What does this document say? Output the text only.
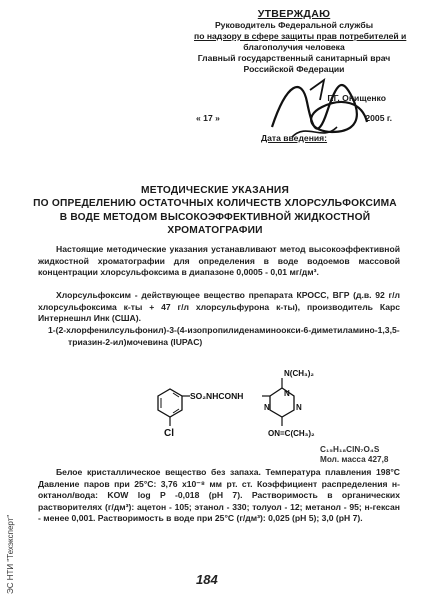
УТВЕРЖДАЮ
Руководитель Федеральной службы
по надзору в сфере защиты прав потребителей и
благополучия человека
Главный государственный санитарный врач
Российской Федерации
Г.Г. Онищенко
« 17 »	2005 г.
Дата введения:
МЕТОДИЧЕСКИЕ УКАЗАНИЯ
ПО ОПРЕДЕЛЕНИЮ ОСТАТОЧНЫХ КОЛИЧЕСТВ ХЛОРСУЛЬФОКСИМА
В ВОДЕ МЕТОДОМ ВЫСОКОЭФФЕКТИВНОЙ ЖИДКОСТНОЙ
ХРОМАТОГРАФИИ
Настоящие методические указания устанавливают метод высокоэффективной жидкостной хроматографии для определения в воде водоемов массовой концентрации хлорсульфоксима в диапазоне 0,0005 - 0,01 мг/дм³.
Хлорсульфоксим - действующее вещество препарата КРОСС, ВГР (д.в. 92 г/л хлорсульфоксима к-ты + 47 г/л хлорсульфурона к-ты), производитель Карс Интернешнл Инк (США).
1-(2-хлорфенилсульфонил)-3-(4-изопропилиденаминоокси-6-диметиламино-1,3,5-
триазин-2-ил)мочевина (IUPAC)
Cl
SO₂NHCONH
N	N
N
N(CH₃)₂
ON=C(CH₃)₂
C₁₅H₁₈ClN₇O₄S
Мол. масса 427,8
Белое кристаллическое вещество без запаха. Температура плавления 198°С Давление паров при 25°С: 3,76 х10⁻⁸ мм рт. ст. Коэффициент распределения н-октанол/вода: KOW log P -0,018 (pH 7). Растворимость в органических растворителях (г/дм³): ацетон - 105; этанол - 330; толуол - 12; метанол - 95; н-гексан - менее 0,001. Растворимость в воде при 25°С (г/дм³): 0,025 (pH 5); 3,0 (pH 7).
ЭС НТИ "Техэксперт"	184
